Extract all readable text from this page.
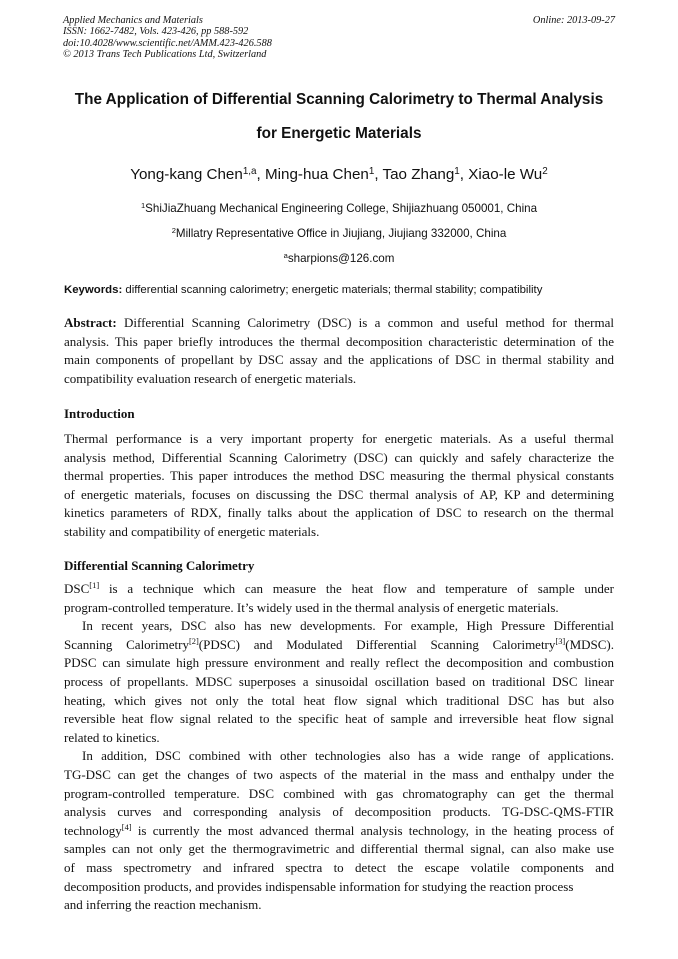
Applied Mechanics and Materials
ISSN: 1662-7482, Vols. 423-426, pp 588-592
doi:10.4028/www.scientific.net/AMM.423-426.588
© 2013 Trans Tech Publications Ltd, Switzerland
Online: 2013-09-27
The Application of Differential Scanning Calorimetry to Thermal Analysis
for Energetic Materials
Yong-kang Chen$^{1,a}$, Ming-hua Chen$^1$, Tao Zhang$^1$, Xiao-le Wu$^2$
$^1$ShiJiaZhuang Mechanical Engineering College, Shijiazhuang 050001, China
$^2$Millatry Representative Office in Jiujiang, Jiujiang 332000, China
$^a$sharpions@126.com
Keywords: differential scanning calorimetry; energetic materials; thermal stability; compatibility
Abstract: Differential Scanning Calorimetry (DSC) is a common and useful method for thermal
analysis. This paper briefly introduces the thermal decomposition characteristic determination of the
main components of propellant by DSC assay and the applications of DSC in thermal stability and
compatibility evaluation research of energetic materials.
Introduction
Thermal performance is a very important property for energetic materials. As a useful thermal
analysis method, Differential Scanning Calorimetry (DSC) can quickly and safely characterize the
thermal properties. This paper introduces the method DSC measuring the thermal physical constants
of energetic materials, focuses on discussing the DSC thermal analysis of AP, KP and determining
kinetics parameters of RDX, finally talks about the application of DSC to research on the thermal
stability and compatibility of energetic materials.
Differential Scanning Calorimetry
DSC[1] is a technique which can measure the heat flow and temperature of sample under
program-controlled temperature. It’s widely used in the thermal analysis of energetic materials.
In recent years, DSC also has new developments. For example, High Pressure Differential
Scanning Calorimetry[2](PDSC) and Modulated Differential Scanning Calorimetry[3](MDSC).
PDSC can simulate high pressure environment and really reflect the decomposition and combustion
process of propellants. MDSC superposes a sinusoidal oscillation based on traditional DSC linear
heating, which gives not only the total heat flow signal which traditional DSC has but also
reversible heat flow signal related to the specific heat of sample and irreversible heat flow signal
related to kinetics.
In addition, DSC combined with other technologies also has a wide range of applications.
TG-DSC can get the changes of two aspects of the material in the mass and enthalpy under the
program-controlled temperature. DSC combined with gas chromatography can get the thermal
analysis curves and corresponding analysis of decomposition products. TG-DSC-QMS-FTIR
technology[4] is currently the most advanced thermal analysis technology, in the heating process of
samples can not only get the thermogravimetric and differential thermal signal, can also make use
of mass spectrometry and infrared spectra to detect the escape volatile components and
decomposition products, and provides indispensable information for studying the reaction process
and inferring the reaction mechanism.
